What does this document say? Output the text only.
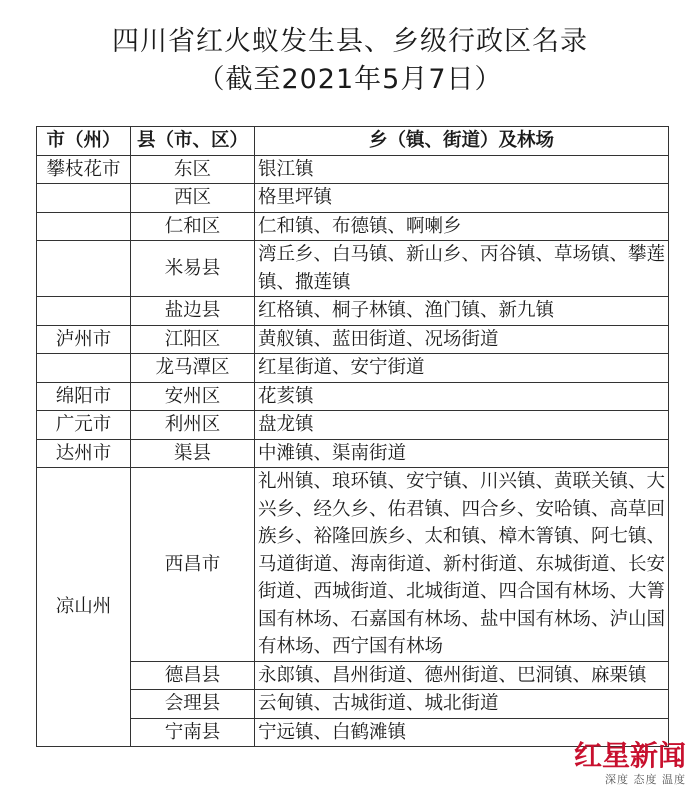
四川省红火蚁发生县、乡级行政区名录
（截至2021年5月7日）
市（州）	县（市、区）	乡（镇、街道）及林场
攀枝花市	东区	银江镇
	西区	格里坪镇
	仁和区	仁和镇、布德镇、啊喇乡
	米易县	湾丘乡、白马镇、新山乡、丙谷镇、草场镇、攀莲镇、撒莲镇
	盐边县	红格镇、桐子林镇、渔门镇、新九镇
泸州市	江阳区	黄舣镇、蓝田街道、况场街道
	龙马潭区	红星街道、安宁街道
绵阳市	安州区	花荄镇
广元市	利州区	盘龙镇
达州市	渠县	中滩镇、渠南街道
凉山州	西昌市	礼州镇、琅环镇、安宁镇、川兴镇、黄联关镇、大兴乡、经久乡、佑君镇、四合乡、安哈镇、高草回族乡、裕隆回族乡、太和镇、樟木箐镇、阿七镇、马道街道、海南街道、新村街道、东城街道、长安街道、西城街道、北城街道、四合国有林场、大箐国有林场、石嘉国有林场、盐中国有林场、泸山国有林场、西宁国有林场
	德昌县	永郎镇、昌州街道、德州街道、巴洞镇、麻栗镇
	会理县	云甸镇、古城街道、城北街道
	宁南县	宁远镇、白鹤滩镇
红星新闻
深度 态度 温度
